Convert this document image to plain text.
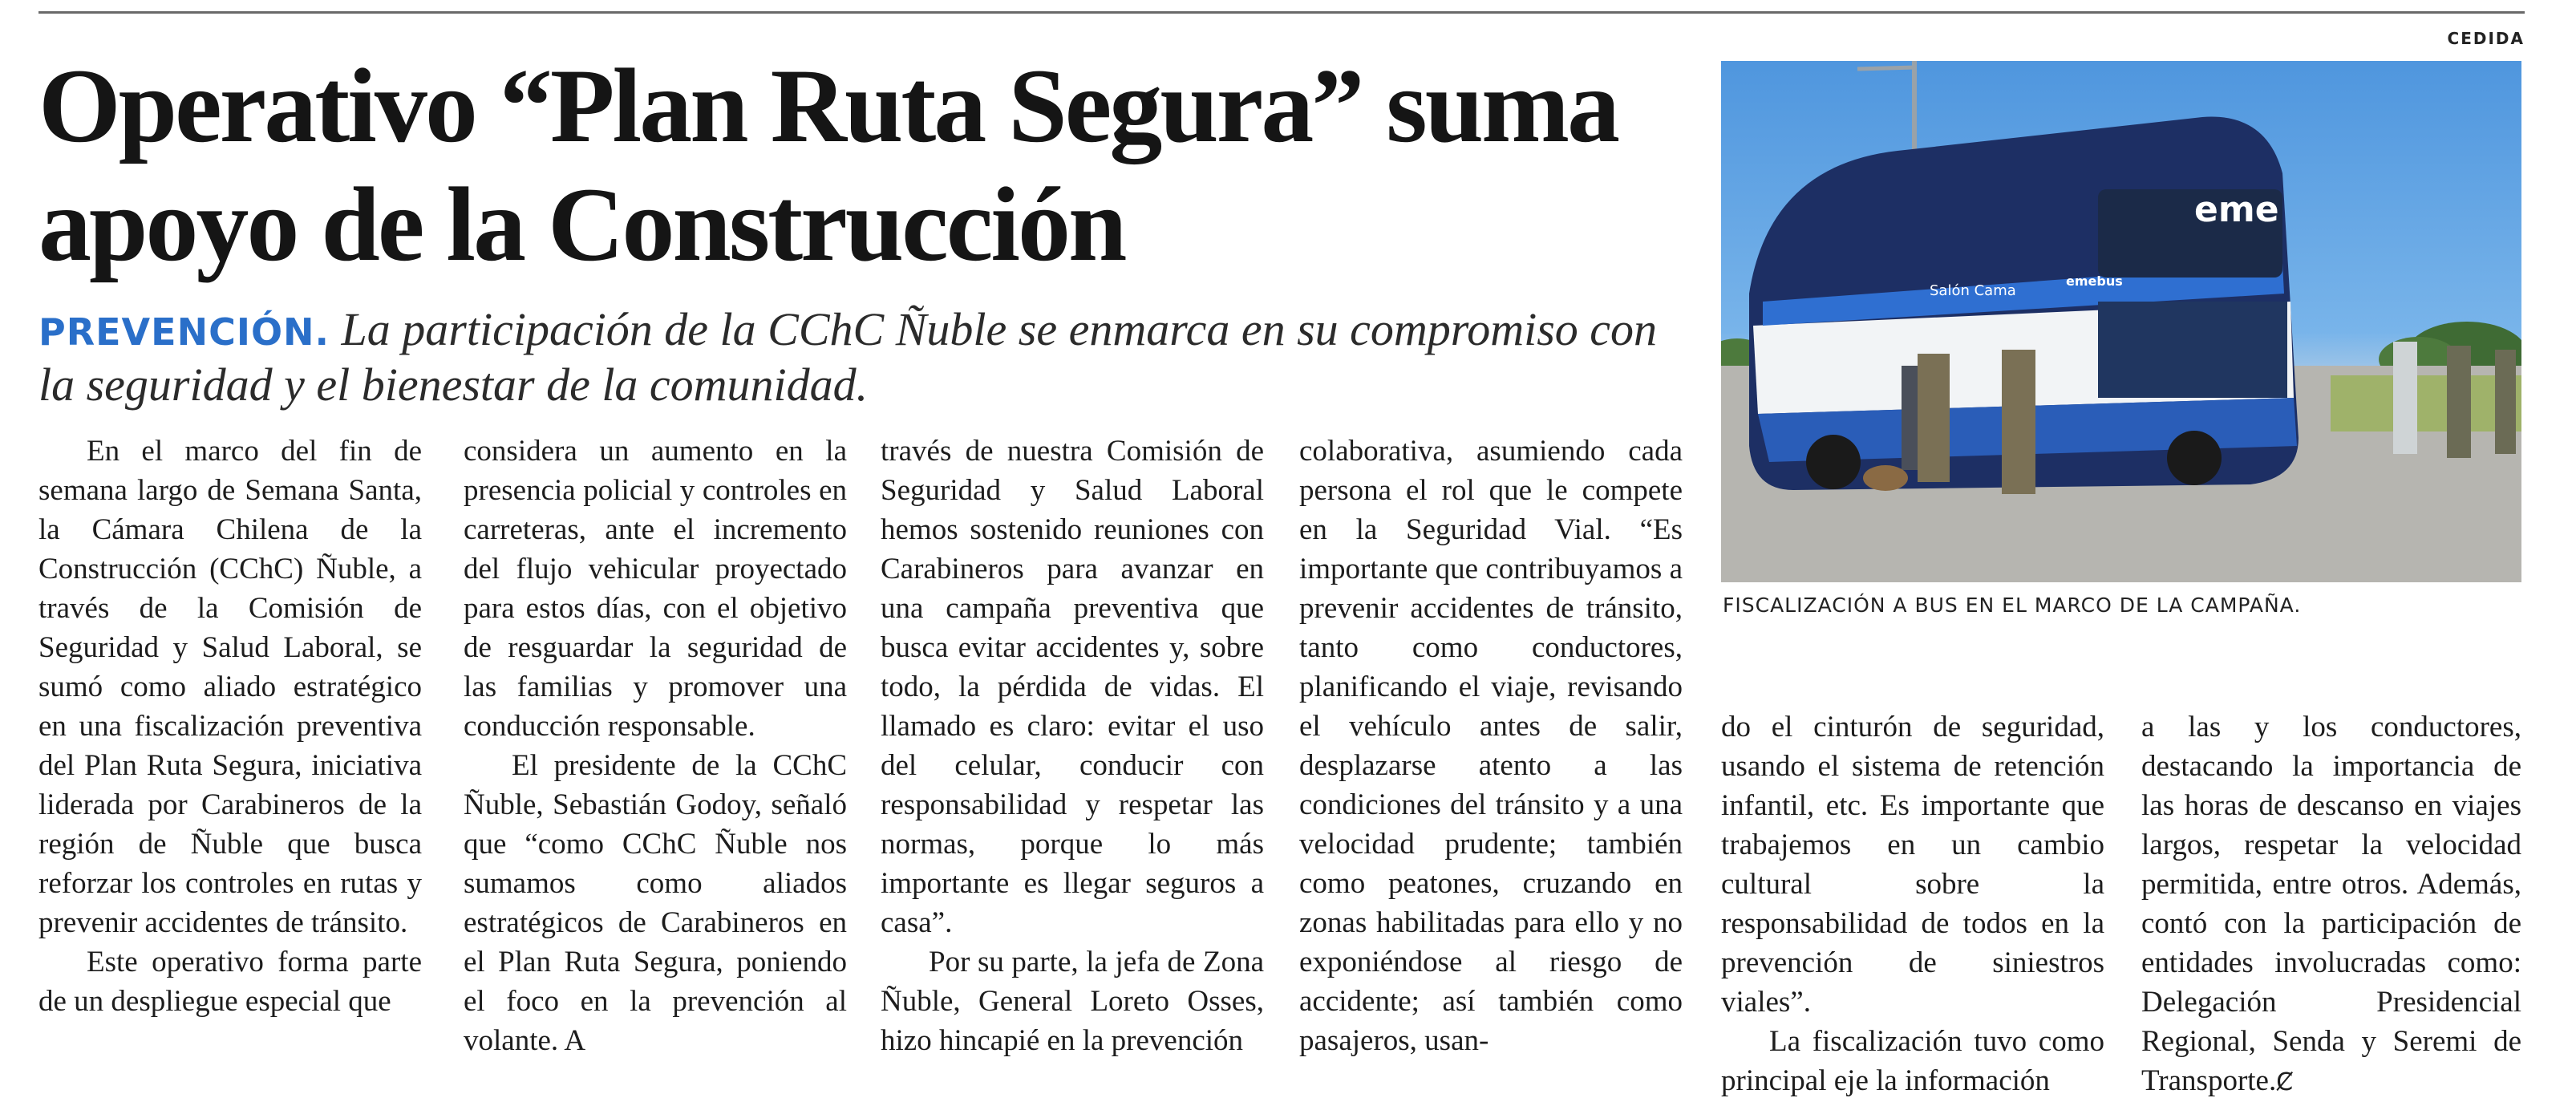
CEDIDA
Operativo “Plan Ruta Segura” suma apoyo de la Construcción

PREVENCIÓN. La participación de la CChC Ñuble se enmarca en su compromiso con la seguridad y el bienestar de la comunidad.

eme
emebus
Salón Cama

FISCALIZACIÓN A BUS EN EL MARCO DE LA CAMPAÑA.

En el marco del fin de semana largo de Semana Santa, la Cámara Chilena de la Construcción (CChC) Ñuble, a través de la Comisión de Seguridad y Salud Laboral, se sumó como aliado estratégico en una fiscalización preventiva del Plan Ruta Segura, iniciativa liderada por Carabineros de la región de Ñuble que busca reforzar los controles en rutas y prevenir accidentes de tránsito.

Este operativo forma parte de un despliegue especial que

considera un aumento en la presencia policial y controles en carreteras, ante el incremento del flujo vehicular proyectado para estos días, con el objetivo de resguardar la seguridad de las familias y promover una conducción responsable.

El presidente de la CChC Ñuble, Sebastián Godoy, señaló que “como CChC Ñuble nos sumamos como aliados estratégicos de Carabineros en el Plan Ruta Segura, poniendo el foco en la prevención al volante. A

través de nuestra Comisión de Seguridad y Salud Laboral hemos sostenido reuniones con Carabineros para avanzar en una campaña preventiva que busca evitar accidentes y, sobre todo, la pérdida de vidas. El llamado es claro: evitar el uso del celular, conducir con responsabilidad y respetar las normas, porque lo más importante es llegar seguros a casa”.

Por su parte, la jefa de Zona Ñuble, General Loreto Osses, hizo hincapié en la prevención

colaborativa, asumiendo cada persona el rol que le compete en la Seguridad Vial. “Es importante que contribuyamos a prevenir accidentes de tránsito, tanto como conductores, planificando el viaje, revisando el vehículo antes de salir, desplazarse atento a las condiciones del tránsito y a una velocidad prudente; también como peatones, cruzando en zonas habilitadas para ello y no exponiéndose al riesgo de accidente; así también como pasajeros, usan-

do el cinturón de seguridad, usando el sistema de retención infantil, etc. Es importante que trabajemos en un cambio cultural sobre la responsabilidad de todos en la prevención de siniestros viales”.

La fiscalización tuvo como principal eje la información

a las y los conductores, destacando la importancia de las horas de descanso en viajes largos, respetar la velocidad permitida, entre otros. Además, contó con la participación de entidades involucradas como: Delegación Presidencial Regional, Senda y Seremi de Transporte.Ȼ
